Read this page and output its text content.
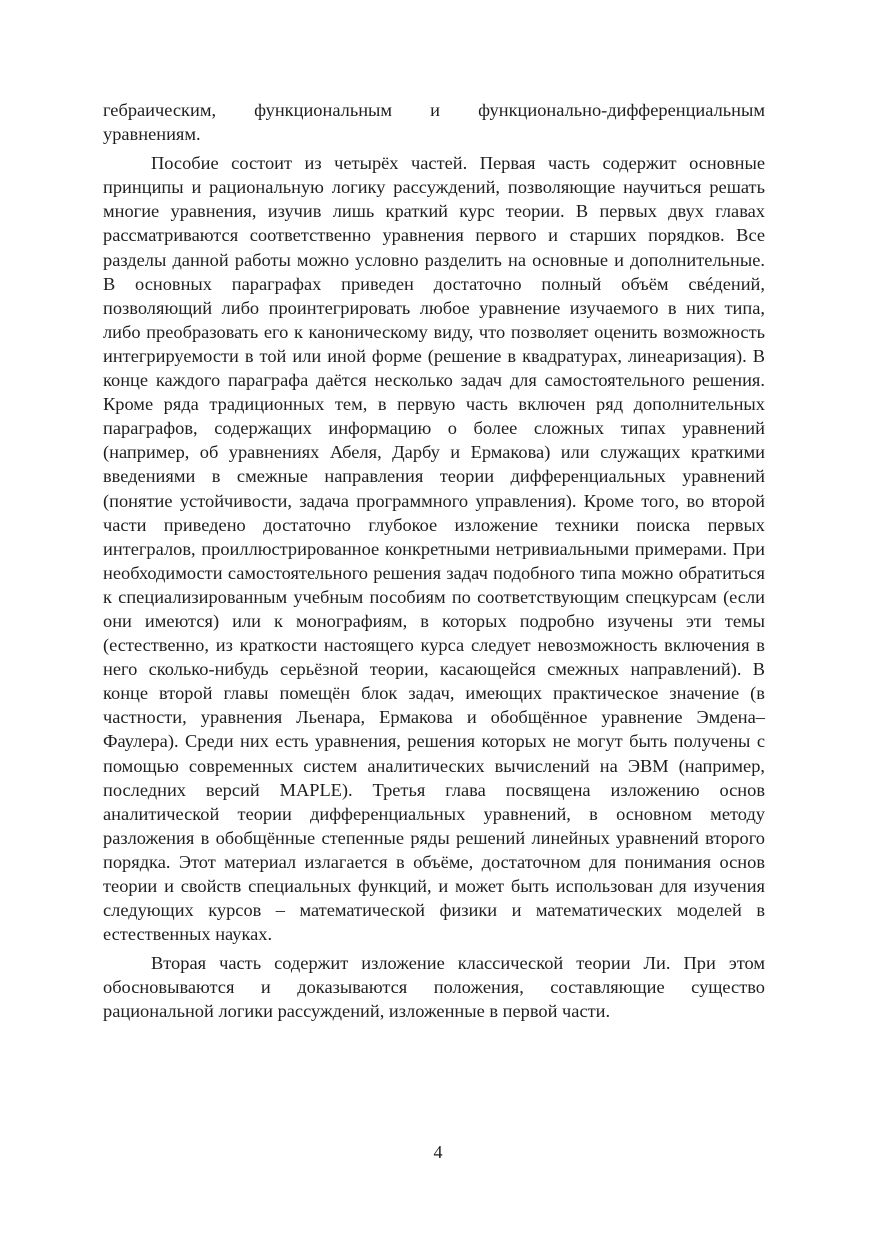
гебраическим, функциональным и функционально-дифференциальным уравнениям.

Пособие состоит из четырёх частей. Первая часть содержит основные принципы и рациональную логику рассуждений, позволяющие научиться решать многие уравнения, изучив лишь краткий курс теории. В первых двух главах рассматриваются соответственно уравнения первого и старших порядков. Все разделы данной работы можно условно разделить на основные и дополнительные. В основных параграфах приведен достаточно полный объём свéдений, позволяющий либо проинтегрировать любое уравнение изучаемого в них типа, либо преобразовать его к каноническому виду, что позволяет оценить возможность интегрируемости в той или иной форме (решение в квадратурах, линеаризация). В конце каждого параграфа даётся несколько задач для самостоятельного решения. Кроме ряда традиционных тем, в первую часть включен ряд дополнительных параграфов, содержащих информацию о более сложных типах уравнений (например, об уравнениях Абеля, Дарбу и Ермакова) или служащих краткими введениями в смежные направления теории дифференциальных уравнений (понятие устойчивости, задача программного управления). Кроме того, во второй части приведено достаточно глубокое изложение техники поиска первых интегралов, проиллюстрированное конкретными нетривиальными примерами. При необходимости самостоятельного решения задач подобного типа можно обратиться к специализированным учебным пособиям по соответствующим спецкурсам (если они имеются) или к монографиям, в которых подробно изучены эти темы (естественно, из краткости настоящего курса следует невозможность включения в него сколько-нибудь серьёзной теории, касающейся смежных направлений). В конце второй главы помещён блок задач, имеющих практическое значение (в частности, уравнения Льенара, Ермакова и обобщённое уравнение Эмдена–Фаулера). Среди них есть уравнения, решения которых не могут быть получены с помощью современных систем аналитических вычислений на ЭВМ (например, последних версий MAPLE). Третья глава посвящена изложению основ аналитической теории дифференциальных уравнений, в основном методу разложения в обобщённые степенные ряды решений линейных уравнений второго порядка. Этот материал излагается в объёме, достаточном для понимания основ теории и свойств специальных функций, и может быть использован для изучения следующих курсов – математической физики и математических моделей в естественных науках.

Вторая часть содержит изложение классической теории Ли. При этом обосновываются и доказываются положения, составляющие существо рациональной логики рассуждений, изложенные в первой части.

4
